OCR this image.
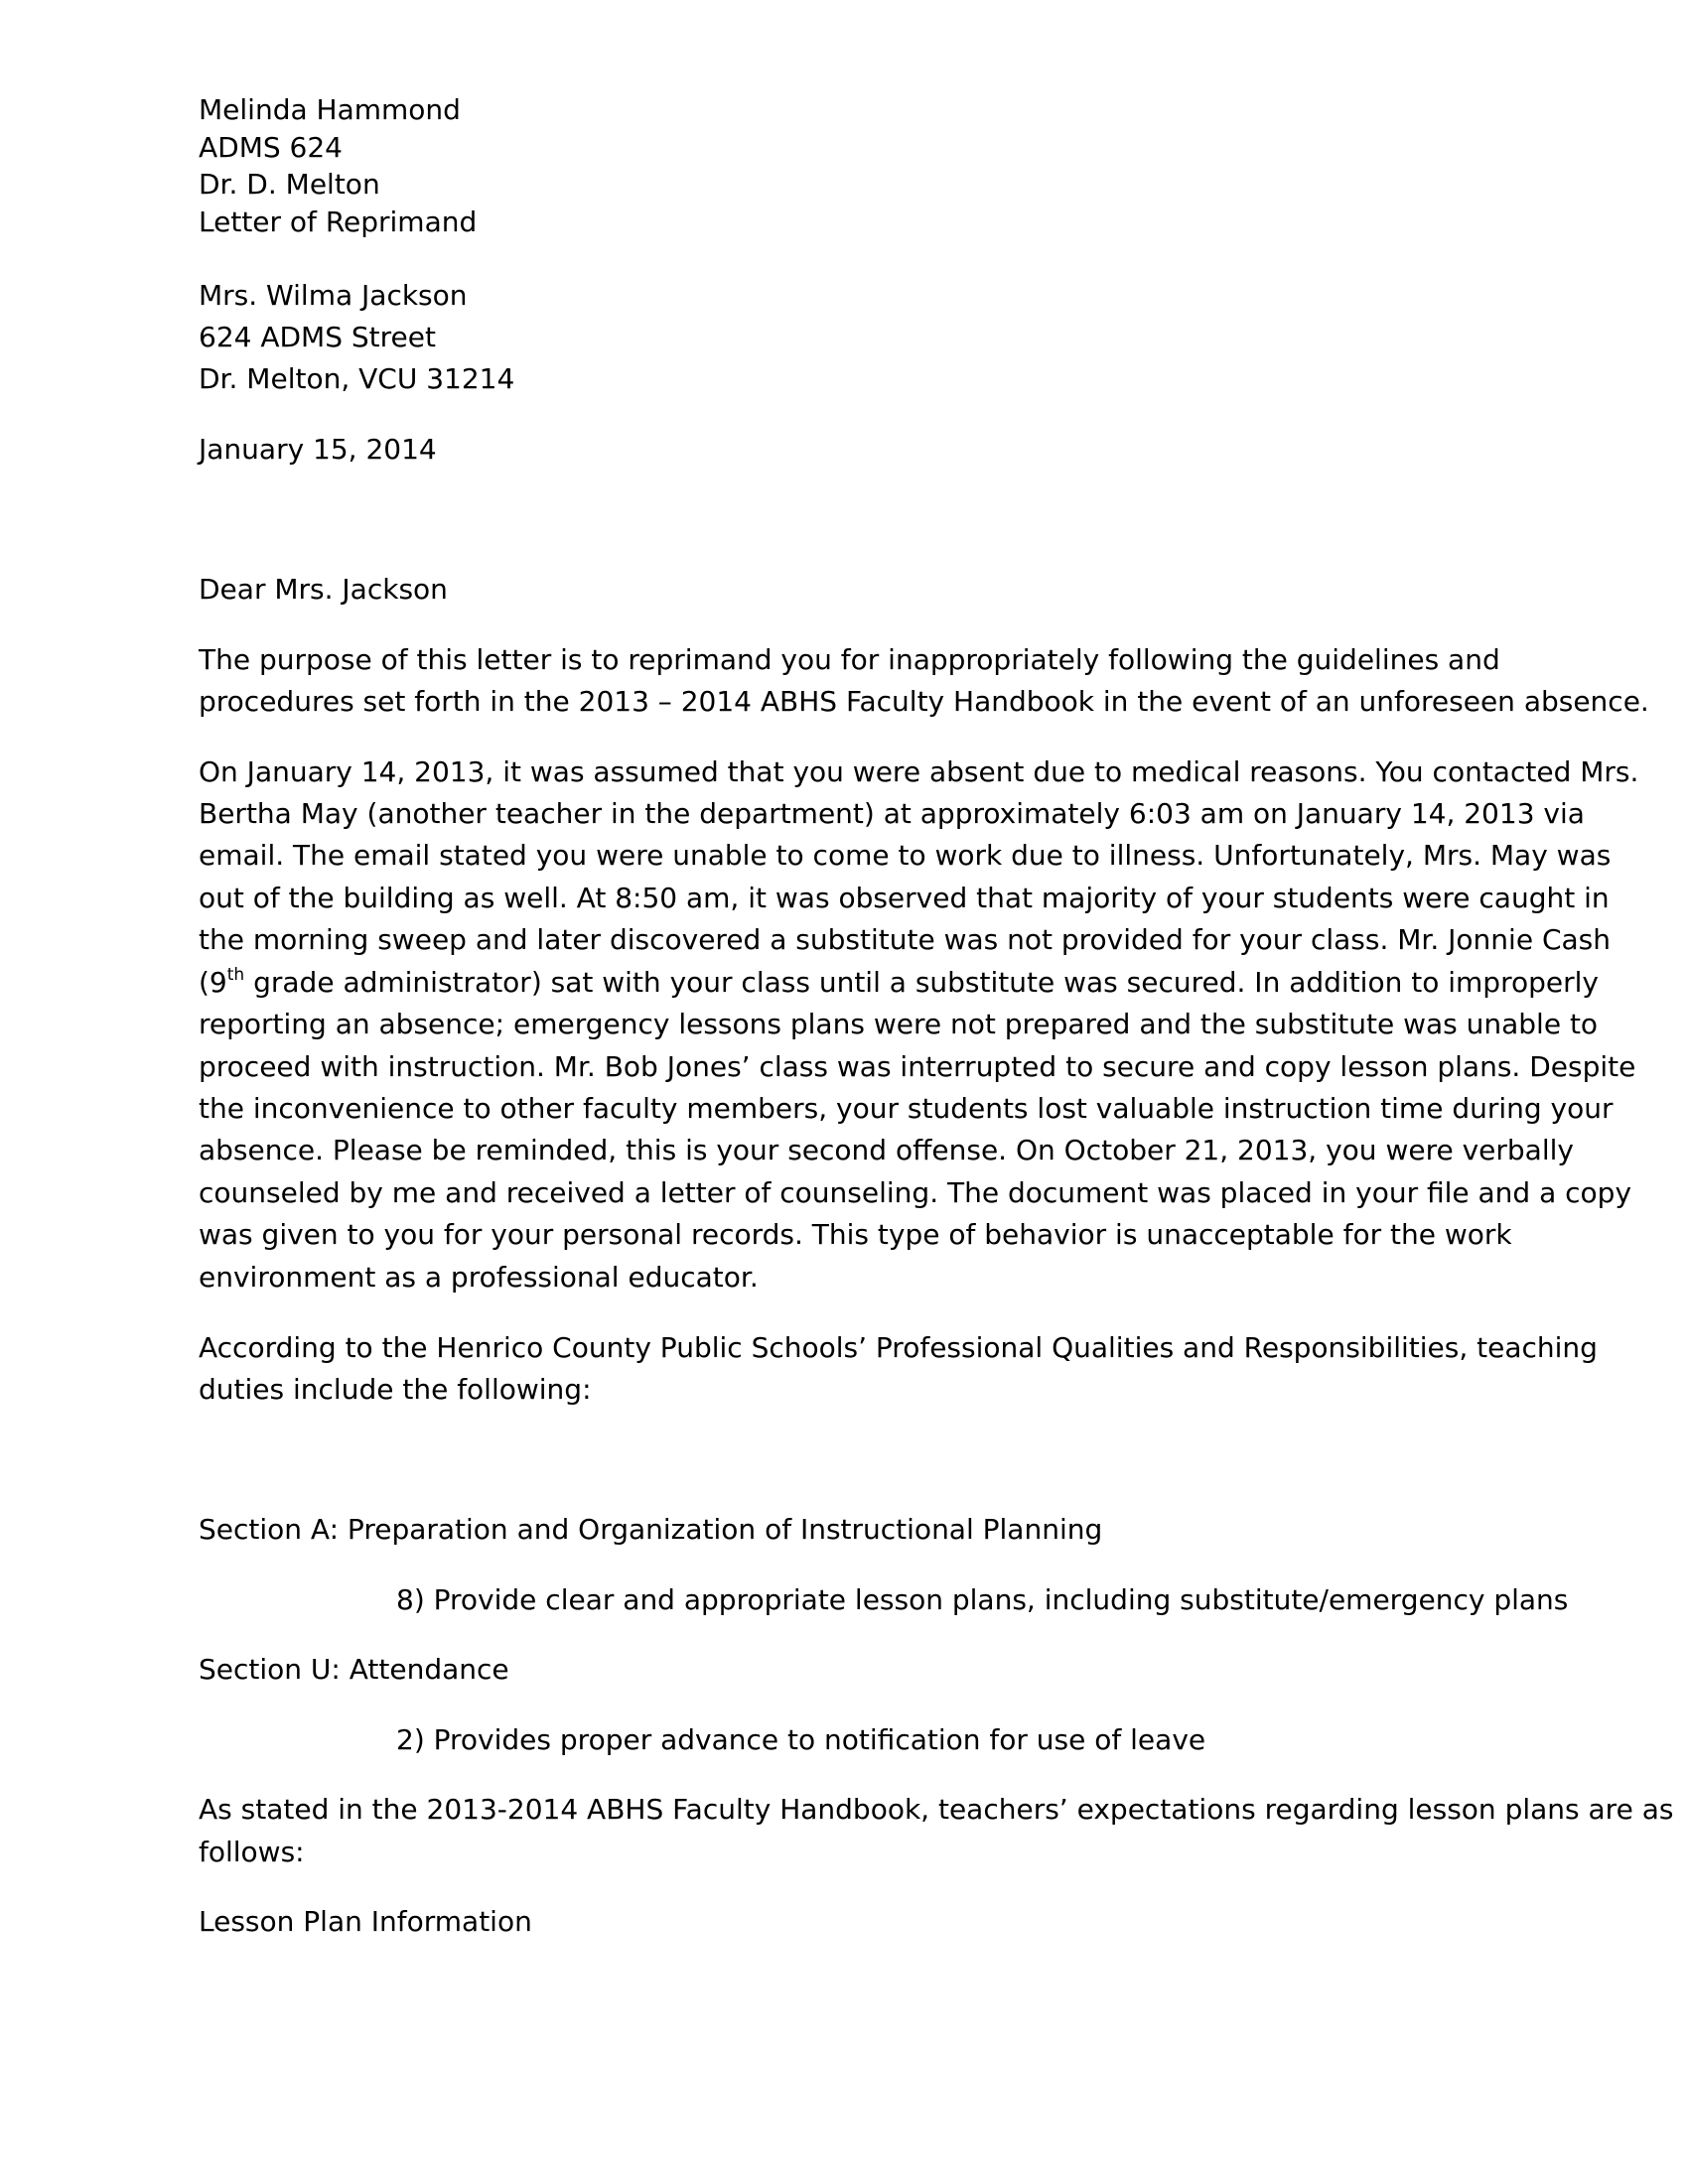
Melinda Hammond
ADMS 624
Dr. D. Melton
Letter of Reprimand
Mrs. Wilma Jackson
624 ADMS Street
Dr. Melton, VCU 31214
January 15, 2014
Dear Mrs. Jackson
The purpose of this letter is to reprimand you for inappropriately following the guidelines and
procedures set forth in the 2013 – 2014 ABHS Faculty Handbook in the event of an unforeseen absence.
On January 14, 2013, it was assumed that you were absent due to medical reasons. You contacted Mrs.
Bertha May (another teacher in the department) at approximately 6:03 am on January 14, 2013 via
email. The email stated you were unable to come to work due to illness. Unfortunately, Mrs. May was
out of the building as well. At 8:50 am, it was observed that majority of your students were caught in
the morning sweep and later discovered a substitute was not provided for your class. Mr. Jonnie Cash
(9th grade administrator) sat with your class until a substitute was secured. In addition to improperly
reporting an absence; emergency lessons plans were not prepared and the substitute was unable to
proceed with instruction. Mr. Bob Jones’ class was interrupted to secure and copy lesson plans. Despite
the inconvenience to other faculty members, your students lost valuable instruction time during your
absence. Please be reminded, this is your second offense. On October 21, 2013, you were verbally
counseled by me and received a letter of counseling. The document was placed in your file and a copy
was given to you for your personal records. This type of behavior is unacceptable for the work
environment as a professional educator.
According to the Henrico County Public Schools’ Professional Qualities and Responsibilities, teaching
duties include the following:
Section A: Preparation and Organization of Instructional Planning
8) Provide clear and appropriate lesson plans, including substitute/emergency plans
Section U: Attendance
2) Provides proper advance to notification for use of leave
As stated in the 2013-2014 ABHS Faculty Handbook, teachers’ expectations regarding lesson plans are as
follows:
Lesson Plan Information
